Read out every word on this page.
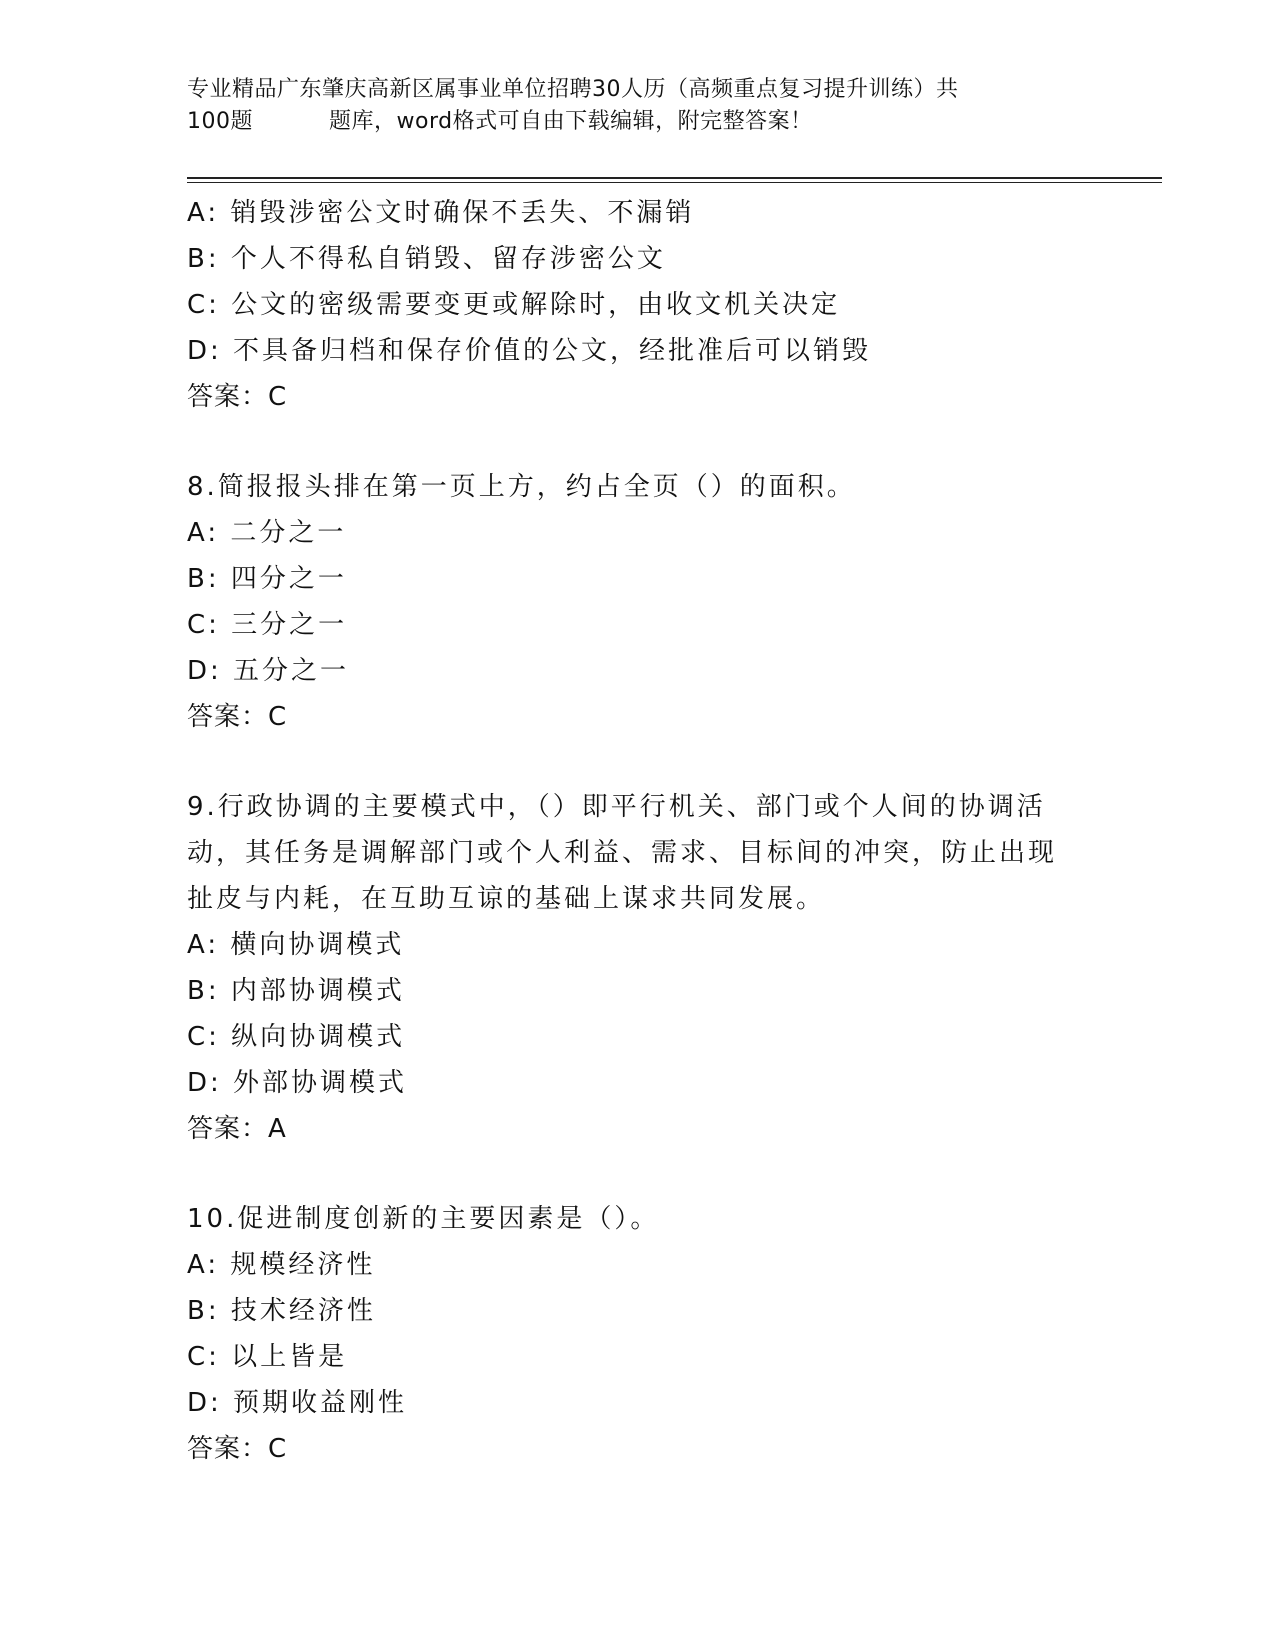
专业精品广东肇庆高新区属事业单位招聘30人历（高频重点复习提升训练）共
100题	题库，word格式可自由下载编辑，附完整答案！
A: 销毁涉密公文时确保不丢失、不漏销
B: 个人不得私自销毁、留存涉密公文
C: 公文的密级需要变更或解除时，由收文机关决定
D: 不具备归档和保存价值的公文，经批准后可以销毁
答案：C
8.简报报头排在第一页上方，约占全页（）的面积。
A: 二分之一
B: 四分之一
C: 三分之一
D: 五分之一
答案：C
9.行政协调的主要模式中，（）即平行机关、部门或个人间的协调活
动，其任务是调解部门或个人利益、需求、目标间的冲突，防止出现
扯皮与内耗，在互助互谅的基础上谋求共同发展。
A: 横向协调模式
B: 内部协调模式
C: 纵向协调模式
D: 外部协调模式
答案：A
10.促进制度创新的主要因素是（）。
A: 规模经济性
B: 技术经济性
C: 以上皆是
D: 预期收益刚性
答案：C
